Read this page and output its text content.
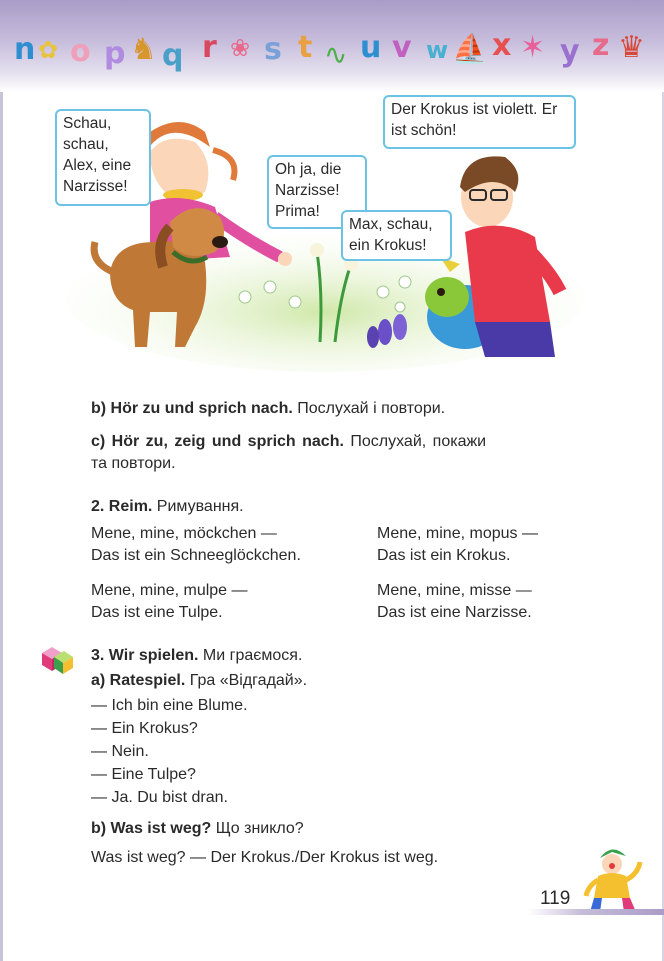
n ✿ o p ♞ q r ❀ s t ∿ u v w ⛵ x ✶ y z ♛
Schau, schau, Alex, eine Narzisse!
Oh ja, die Narzisse! Prima!
Der Krokus ist violett. Er ist schön!
Max, schau, ein Krokus!
b) Hör zu und sprich nach. Послухай і повтори.
c) Hör zu, zeig und sprich nach. Послухай, покажи
та повтори.
2. Reim. Римування.
Mene, mine, möckchen —
Das ist ein Schneeglöckchen.
Mene, mine, mopus —
Das ist ein Krokus.
Mene, mine, mulpe —
Das ist eine Tulpe.
Mene, mine, misse —
Das ist eine Narzisse.
3. Wir spielen. Ми граємося.
a) Ratespiel. Гра «Відгадай».
— Ich bin eine Blume.
— Ein Krokus?
— Nein.
— Eine Tulpe?
— Ja. Du bist dran.
b) Was ist weg? Що зникло?
Was ist weg? — Der Krokus./Der Krokus ist weg.
119
